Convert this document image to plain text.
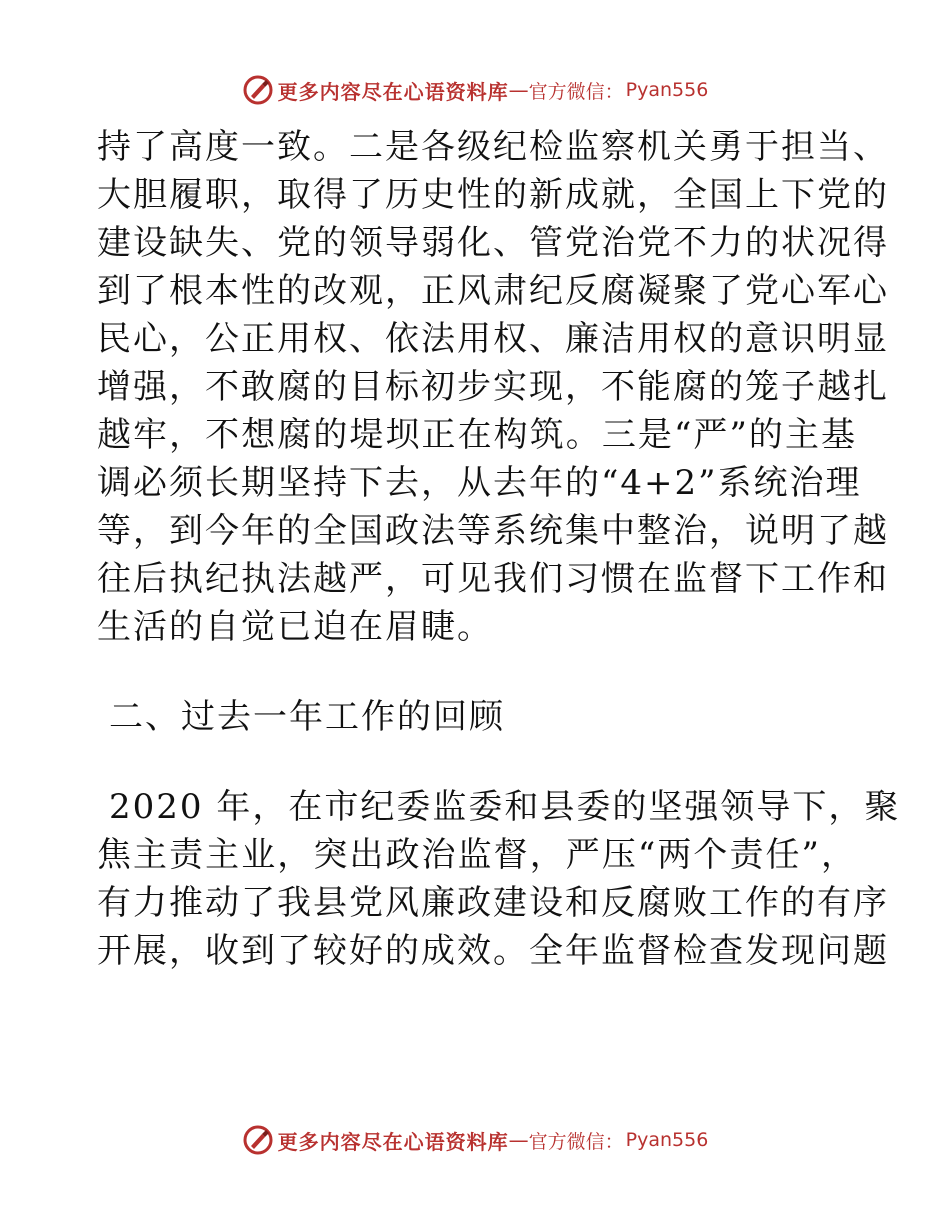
更多内容尽在心语资料库 — 官方微信： Pyan556

持了高度一致。二是各级纪检监察机关勇于担当、
大胆履职，取得了历史性的新成就，全国上下党的
建设缺失、党的领导弱化、管党治党不力的状况得
到了根本性的改观，正风肃纪反腐凝聚了党心军心
民心，公正用权、依法用权、廉洁用权的意识明显
增强，不敢腐的目标初步实现，不能腐的笼子越扎
越牢，不想腐的堤坝正在构筑。三是“严”的主基
调必须长期坚持下去，从去年的“4+2”系统治理
等，到今年的全国政法等系统集中整治，说明了越
往后执纪执法越严，可见我们习惯在监督下工作和
生活的自觉已迫在眉睫。

二、过去一年工作的回顾

2020 年，在市纪委监委和县委的坚强领导下，聚
焦主责主业，突出政治监督，严压“两个责任”，
有力推动了我县党风廉政建设和反腐败工作的有序
开展，收到了较好的成效。全年监督检查发现问题

更多内容尽在心语资料库 — 官方微信： Pyan556
